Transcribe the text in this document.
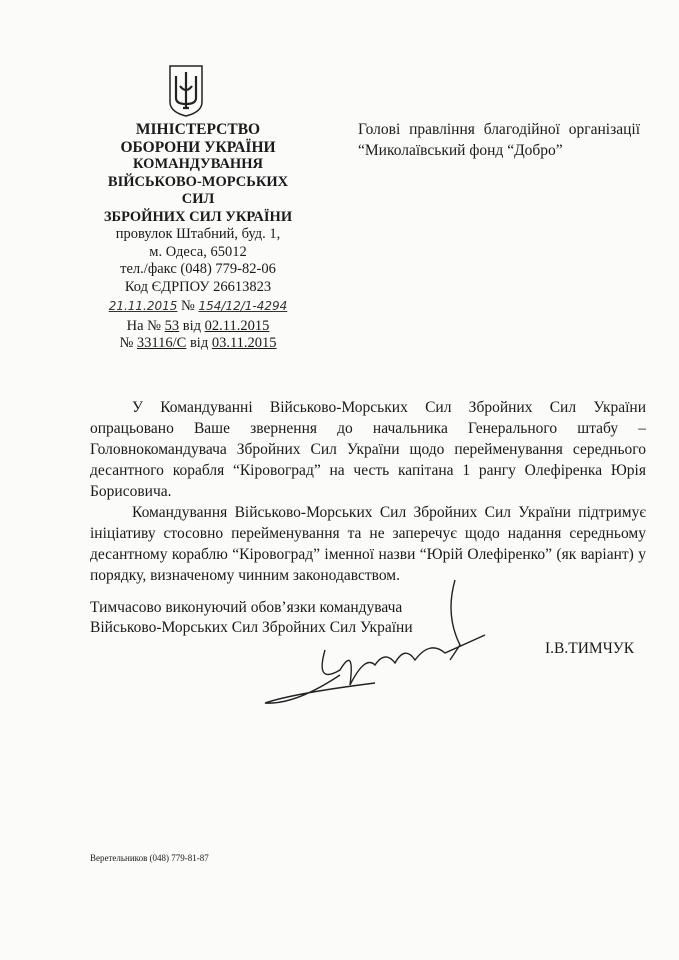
МІНІСТЕРСТВО
ОБОРОНИ УКРАЇНИ
КОМАНДУВАННЯ
ВІЙСЬКОВО-МОРСЬКИХ СИЛ
ЗБРОЙНИХ СИЛ УКРАЇНИ
провулок Штабний, буд. 1,
м. Одеса, 65012
тел./факс (048) 779-82-06
Код ЄДРПОУ 26613823
21.11.2015 № 154/12/1-4294
На № 53 від 02.11.2015
№ 33116/С від 03.11.2015
Голові правління благодійної організації “Миколаївський фонд “Добро”

У Командуванні Військово-Морських Сил Збройних Сил України опрацьовано Ваше звернення до начальника Генерального штабу – Головнокомандувача Збройних Сил України щодо перейменування середнього десантного корабля “Кіровоград” на честь капітана 1 рангу Олефіренка Юрія Борисовича.

Командування Військово-Морських Сил Збройних Сил України підтримує ініціативу стосовно перейменування та не заперечує щодо надання середньому десантному кораблю “Кіровоград” іменної назви “Юрій Олефіренко” (як варіант) у порядку, визначеному чинним законодавством.

Тимчасово виконуючий обов’язки командувача
Військово-Морських Сил Збройних Сил України
І.В.ТИМЧУК
Веретельников (048) 779-81-87
